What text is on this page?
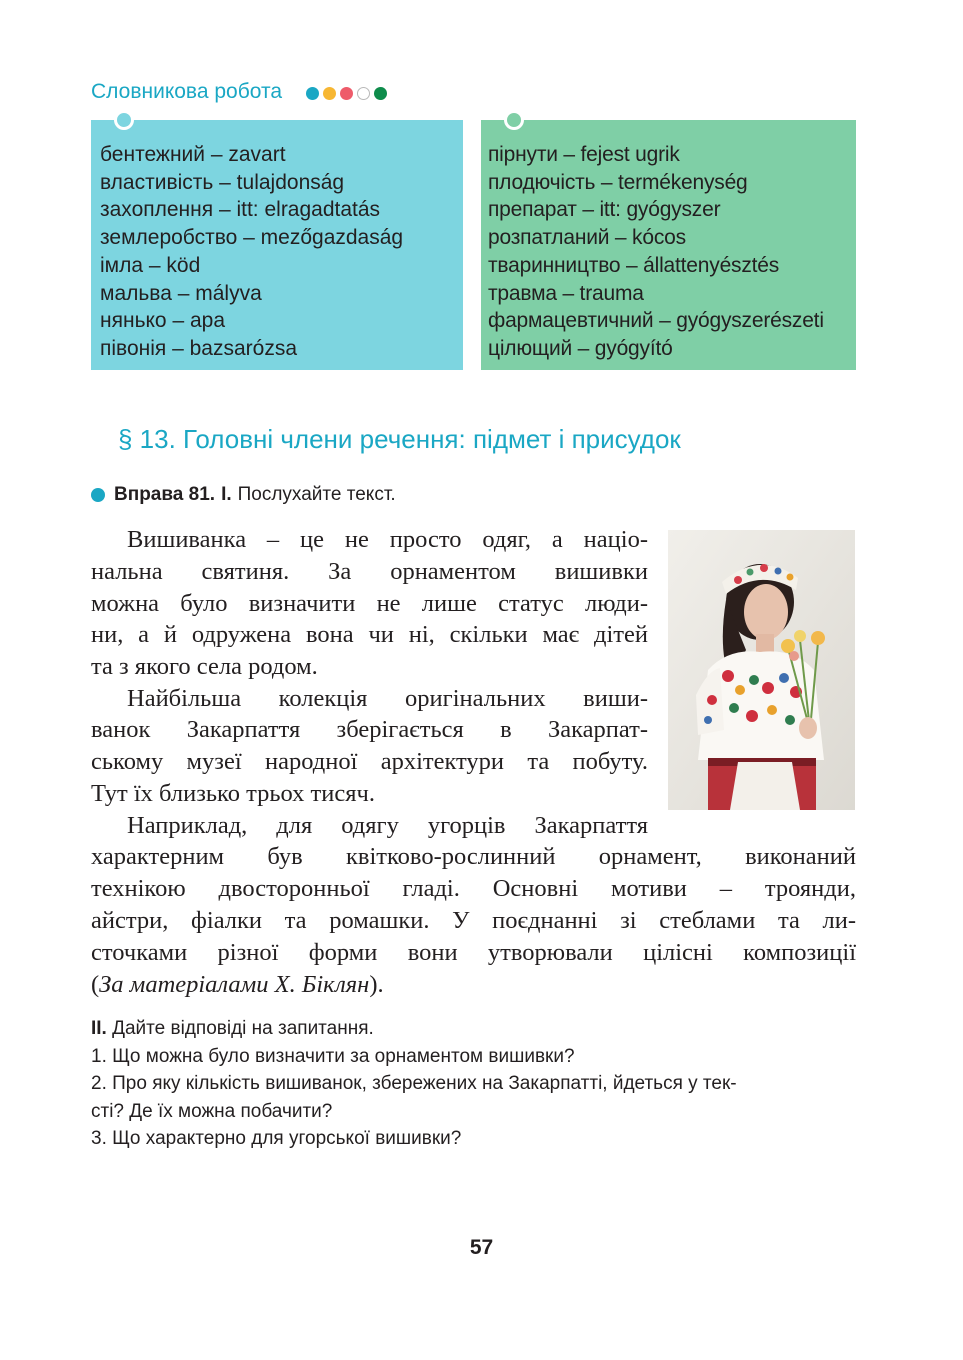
Словникова робота
бентежний – zavart
властивість – tulajdonság
захоплення – itt: elragadtatás
землеробство – mezőgazdaság
імла – köd
мальва – mályva
нянько – apa
півонія – bazsarózsa
пірнути – fejest ugrik
плодючість – termékenység
препарат – itt: gyógyszer
розпатланий – kócos
тваринництво – állattenyésztés
травма – trauma
фармацевтичний – gyógyszerészeti
цілющий – gyógyító
§ 13. Головні члени речення: підмет і присудок
Вправа 81. І. Послухайте текст.
Вишиванка – це не просто одяг, а націо-
нальна святиня. За орнаментом вишивки
можна було визначити не лише статус люди-
ни, а й одружена вона чи ні, скільки має дітей
та з якого села родом.
Найбільша колекція оригінальних виши-
ванок Закарпаття зберігається в Закарпат-
ському музеї народної архітектури та побуту.
Тут їх близько трьох тисяч.
Наприклад, для одягу угорців Закарпаття
характерним був квітково-рослинний орнамент, виконаний
технікою двосторонньої гладі. Основні мотиви – троянди,
айстри, фіалки та ромашки. У поєднанні зі стеблами та ли-
сточками різної форми вони утворювали цілісні композиції
(За матеріалами Х. Біклян).
ІІ. Дайте відповіді на запитання.
1. Що можна було визначити за орнаментом вишивки?
2. Про яку кількість вишиванок, збережених на Закарпатті, йдеться у тек-
сті? Де їх можна побачити?
3. Що характерно для угорської вишивки?
57
